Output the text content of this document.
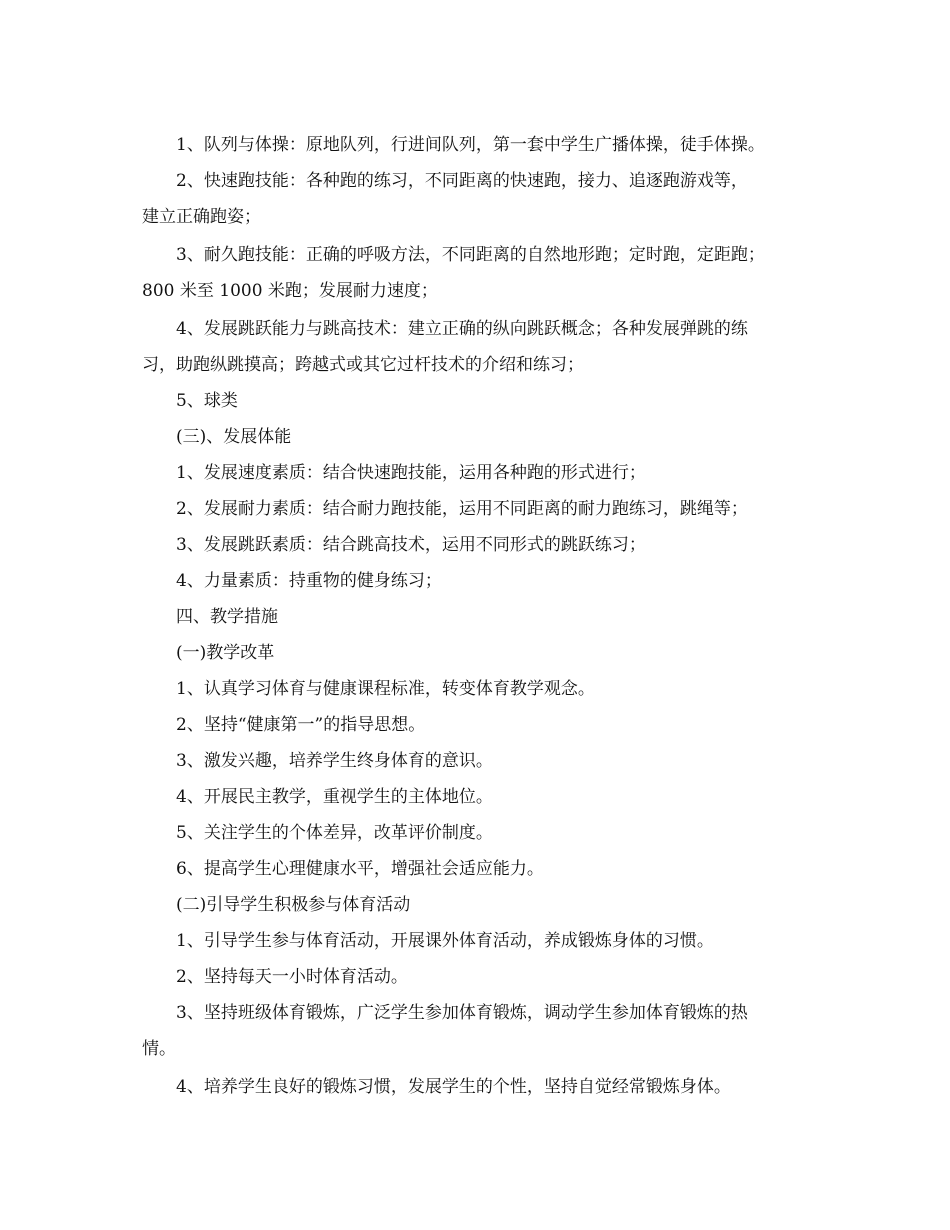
1、队列与体操：原地队列，行进间队列，第一套中学生广播体操，徒手体操。
2、快速跑技能：各种跑的练习，不同距离的快速跑，接力、追逐跑游戏等，
建立正确跑姿；
3、耐久跑技能：正确的呼吸方法，不同距离的自然地形跑；定时跑，定距跑；
800 米至 1000 米跑；发展耐力速度；
4、发展跳跃能力与跳高技术：建立正确的纵向跳跃概念；各种发展弹跳的练
习，助跑纵跳摸高；跨越式或其它过杆技术的介绍和练习；
5、球类
(三)、发展体能
1、发展速度素质：结合快速跑技能，运用各种跑的形式进行；
2、发展耐力素质：结合耐力跑技能，运用不同距离的耐力跑练习，跳绳等；
3、发展跳跃素质：结合跳高技术，运用不同形式的跳跃练习；
4、力量素质：持重物的健身练习；
四、教学措施
(一)教学改革
1、认真学习体育与健康课程标准，转变体育教学观念。
2、坚持“健康第一”的指导思想。
3、激发兴趣，培养学生终身体育的意识。
4、开展民主教学，重视学生的主体地位。
5、关注学生的个体差异，改革评价制度。
6、提高学生心理健康水平，增强社会适应能力。
(二)引导学生积极参与体育活动
1、引导学生参与体育活动，开展课外体育活动，养成锻炼身体的习惯。
2、坚持每天一小时体育活动。
3、坚持班级体育锻炼，广泛学生参加体育锻炼，调动学生参加体育锻炼的热
情。
4、培养学生良好的锻炼习惯，发展学生的个性，坚持自觉经常锻炼身体。
